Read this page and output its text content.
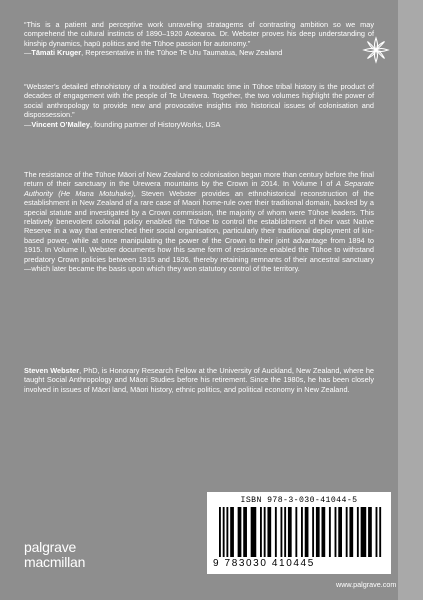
“This is a patient and perceptive work unraveling stratagems of contrasting ambition so we may comprehend the cultural instincts of 1890–1920 Aotearoa. Dr. Webster proves his deep understanding of kinship dynamics, hapū politics and the Tūhoe passion for autonomy.”

—Tāmati Kruger, Representative in the Tūhoe Te Uru Taumatua, New Zealand

“Webster’s detailed ethnohistory of a troubled and traumatic time in Tūhoe tribal history is the product of decades of engagement with the people of Te Urewera. Together, the two volumes highlight the power of social anthropology to provide new and provocative insights into historical issues of colonisation and dispossession.”

—Vincent O’Malley, founding partner of HistoryWorks, USA

The resistance of the Tūhoe Māori of New Zealand to colonisation began more than century before the final return of their sanctuary in the Urewera mountains by the Crown in 2014. In Volume I of A Separate Authority (He Mana Motuhake), Steven Webster provides an ethnohistorical reconstruction of the establishment in New Zealand of a rare case of Maori home-rule over their traditional domain, backed by a special statute and investigated by a Crown commission, the majority of whom were Tūhoe leaders. This relatively benevolent colonial policy enabled the Tūhoe to control the establishment of their vast Native Reserve in a way that entrenched their social organisation, particularly their traditional deployment of kin-based power, while at once manipulating the power of the Crown to their joint advantage from 1894 to 1915. In Volume II, Webster documents how this same form of resistance enabled the Tūhoe to withstand predatory Crown policies between 1915 and 1926, thereby retaining remnants of their ancestral sanctuary—which later became the basis upon which they won statutory control of the territory.

Steven Webster, PhD, is Honorary Research Fellow at the University of Auckland, New Zealand, where he taught Social Anthropology and Māori Studies before his retirement. Since the 1980s, he has been closely involved in issues of Māori land, Māori history, ethnic politics, and political economy in New Zealand.

ISBN 978-3-030-41044-5
9 783030 410445
palgrave
macmillan
www.palgrave.com
